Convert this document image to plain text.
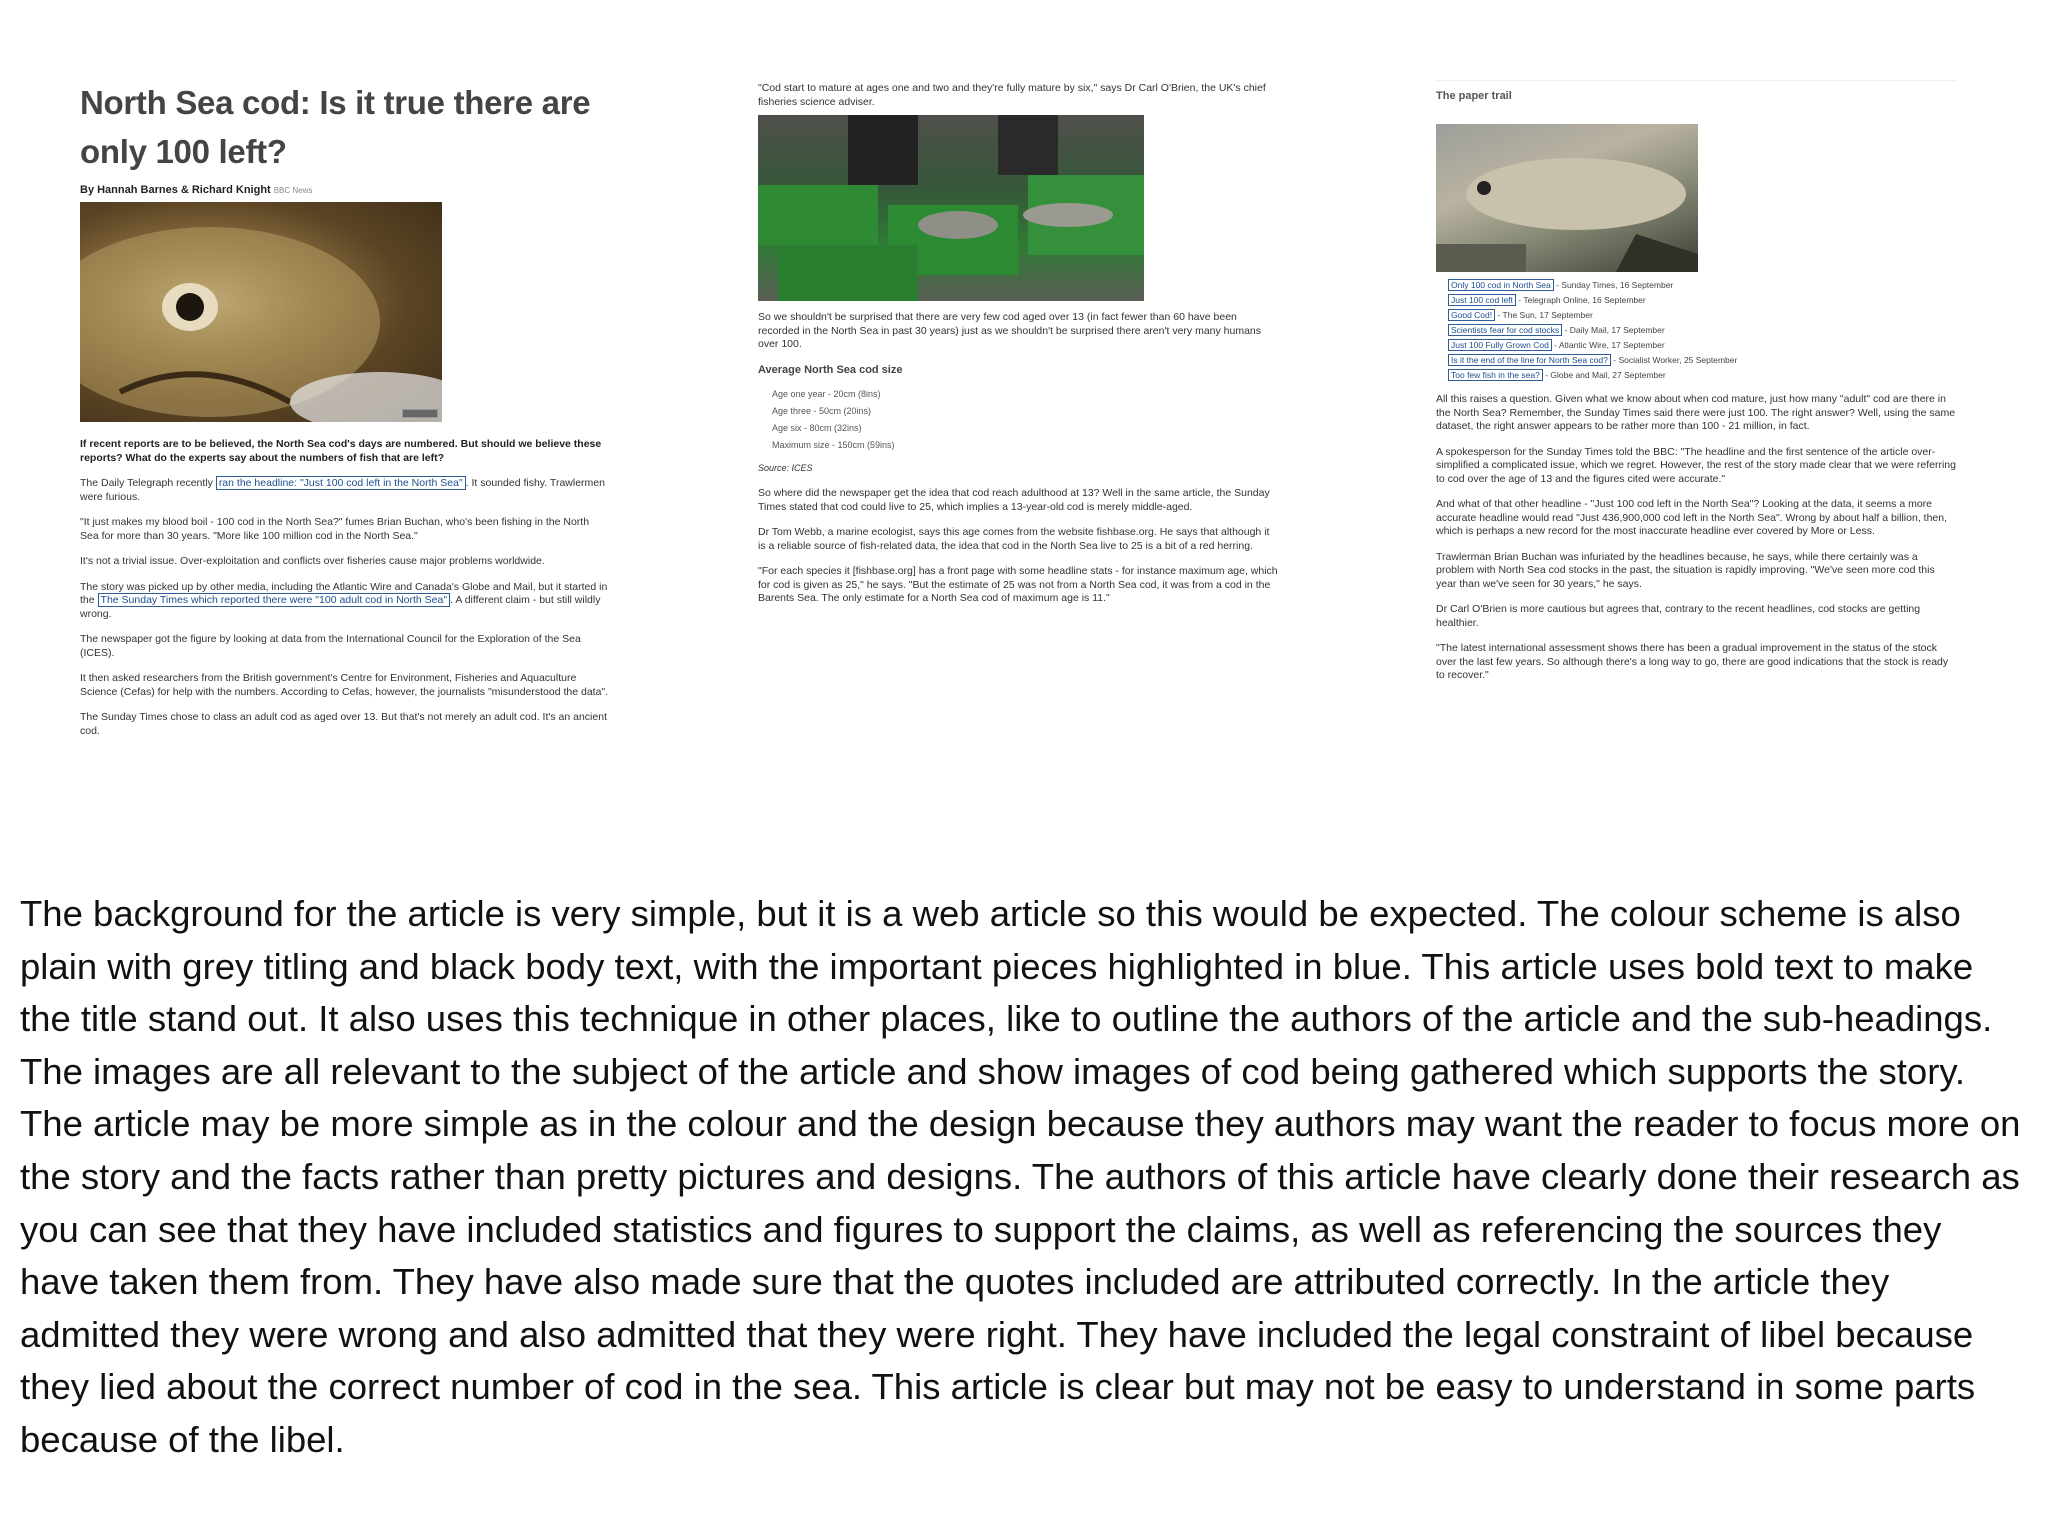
North Sea cod: Is it true there are only 100 left?
By Hannah Barnes & Richard Knight BBC News

If recent reports are to be believed, the North Sea cod's days are numbered. But should we believe these reports? What do the experts say about the numbers of fish that are left?

The Daily Telegraph recently ran the headline: "Just 100 cod left in the North Sea" . It sounded fishy. Trawlermen were furious.

"It just makes my blood boil - 100 cod in the North Sea?" fumes Brian Buchan, who's been fishing in the North Sea for more than 30 years. "More like 100 million cod in the North Sea."

It's not a trivial issue. Over-exploitation and conflicts over fisheries cause major problems worldwide.

The story was picked up by other media, including the Atlantic Wire and Canada's Globe and Mail, but it started in the The Sunday Times which reported there were "100 adult cod in North Sea" . A different claim - but still wildly wrong.

The newspaper got the figure by looking at data from the International Council for the Exploration of the Sea (ICES).

It then asked researchers from the British government's Centre for Environment, Fisheries and Aquaculture Science (Cefas) for help with the numbers. According to Cefas, however, the journalists "misunderstood the data".

The Sunday Times chose to class an adult cod as aged over 13. But that's not merely an adult cod. It's an ancient cod.

"Cod start to mature at ages one and two and they're fully mature by six," says Dr Carl O'Brien, the UK's chief fisheries science adviser.

So we shouldn't be surprised that there are very few cod aged over 13 (in fact fewer than 60 have been recorded in the North Sea in past 30 years) just as we shouldn't be surprised there aren't very many humans over 100.

Average North Sea cod size
Age one year - 20cm (8ins)
Age three - 50cm (20ins)
Age six - 80cm (32ins)
Maximum size - 150cm (59ins)

Source: ICES

So where did the newspaper get the idea that cod reach adulthood at 13? Well in the same article, the Sunday Times stated that cod could live to 25, which implies a 13-year-old cod is merely middle-aged.

Dr Tom Webb, a marine ecologist, says this age comes from the website fishbase.org. He says that although it is a reliable source of fish-related data, the idea that cod in the North Sea live to 25 is a bit of a red herring.

"For each species it [fishbase.org] has a front page with some headline stats - for instance maximum age, which for cod is given as 25," he says. "But the estimate of 25 was not from a North Sea cod, it was from a cod in the Barents Sea. The only estimate for a North Sea cod of maximum age is 11."

The paper trail
Only 100 cod in North Sea - Sunday Times, 16 September
Just 100 cod left - Telegraph Online, 16 September
Good Cod! - The Sun, 17 September
Scientists fear for cod stocks - Daily Mail, 17 September
Just 100 Fully Grown Cod - Atlantic Wire, 17 September
Is it the end of the line for North Sea cod? - Socialist Worker, 25 September
Too few fish in the sea? - Globe and Mail, 27 September

All this raises a question. Given what we know about when cod mature, just how many "adult" cod are there in the North Sea? Remember, the Sunday Times said there were just 100. The right answer? Well, using the same dataset, the right answer appears to be rather more than 100 - 21 million, in fact.

A spokesperson for the Sunday Times told the BBC: "The headline and the first sentence of the article over-simplified a complicated issue, which we regret. However, the rest of the story made clear that we were referring to cod over the age of 13 and the figures cited were accurate."

And what of that other headline - "Just 100 cod left in the North Sea"? Looking at the data, it seems a more accurate headline would read "Just 436,900,000 cod left in the North Sea". Wrong by about half a billion, then, which is perhaps a new record for the most inaccurate headline ever covered by More or Less.

Trawlerman Brian Buchan was infuriated by the headlines because, he says, while there certainly was a problem with North Sea cod stocks in the past, the situation is rapidly improving. "We've seen more cod this year than we've seen for 30 years," he says.

Dr Carl O'Brien is more cautious but agrees that, contrary to the recent headlines, cod stocks are getting healthier.

"The latest international assessment shows there has been a gradual improvement in the status of the stock over the last few years. So although there's a long way to go, there are good indications that the stock is ready to recover."

The background for the article is very simple, but it is a web article so this would be expected. The colour scheme is also plain with grey titling and black body text, with the important pieces highlighted in blue. This article uses bold text to make the title stand out. It also uses this technique in other places, like to outline the authors of the article and the sub-headings. The images are all relevant to the subject of the article and show images of cod being gathered which supports the story. The article may be more simple as in the colour and the design because they authors may want the reader to focus more on the story and the facts rather than pretty pictures and designs. The authors of this article have clearly done their research as you can see that they have included statistics and figures to support the claims, as well as referencing the sources they have taken them from. They have also made sure that the quotes included are attributed correctly. In the article they admitted they were wrong and also admitted that they were right. They have included the legal constraint of libel because they lied about the correct number of cod in the sea. This article is clear but may not be easy to understand in some parts because of the libel.
